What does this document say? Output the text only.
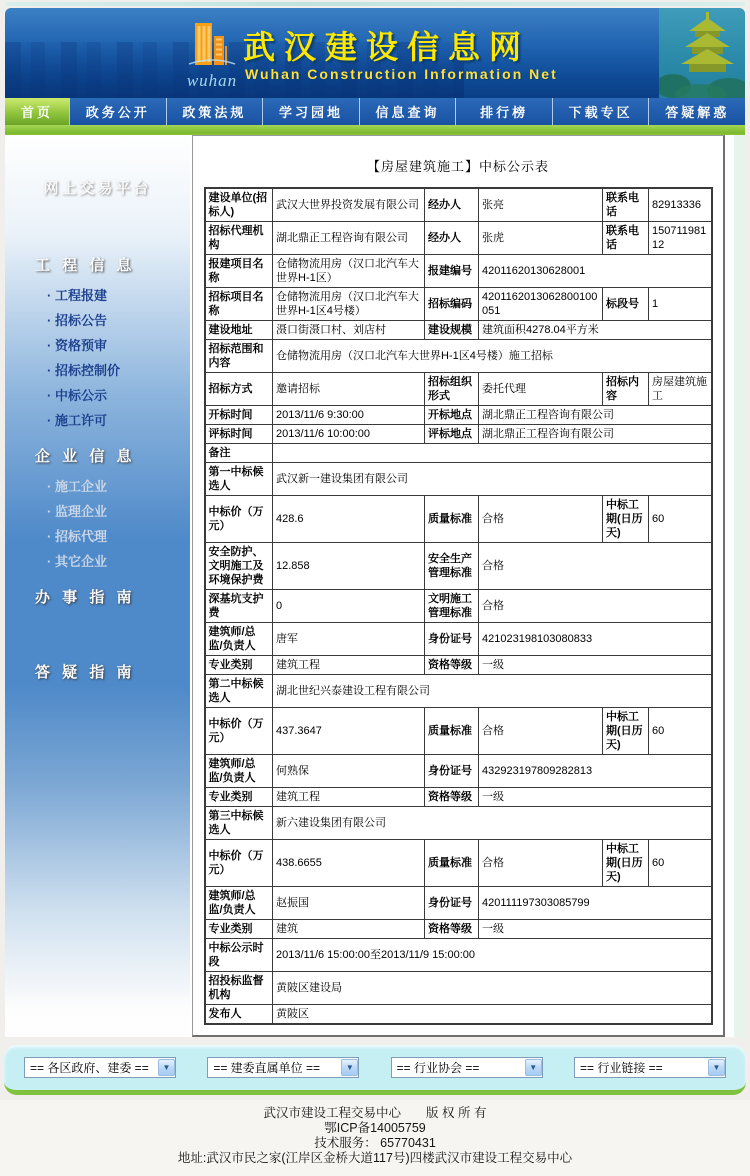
wuhan
武汉建设信息网
Wuhan Construction Information Net
首页	政务公开	政策法规	学习园地	信息查询	排行榜	下载专区	答疑解惑
网上交易平台
工 程 信 息
· 工程报建
· 招标公告
· 资格预审
· 招标控制价
· 中标公示
· 施工许可
企 业 信 息
· 施工企业
· 监理企业
· 招标代理
· 其它企业
办 事 指 南
答 疑 指 南
【房屋建筑施工】中标公示表
建设单位(招标人)	武汉大世界投资发展有限公司	经办人	张亮	联系电话	82913336
招标代理机构	湖北鼎正工程咨询有限公司	经办人	张虎	联系电话	15071198112
报建项目名称	仓储物流用房（汉口北汽车大世界H-1区）	报建编号	42011620130628001		
招标项目名称	仓储物流用房（汉口北汽车大世界H-1区4号楼）	招标编码	4201162013062800100051	标段号	1
建设地址	滠口街滠口村、刘店村	建设规模	建筑面积4278.04平方米		
招标范围和内容	仓储物流用房（汉口北汽车大世界H-1区4号楼）施工招标				
招标方式	邀请招标	招标组织形式	委托代理	招标内容	房屋建筑施工
开标时间	2013/11/6 9:30:00	开标地点	湖北鼎正工程咨询有限公司		
评标时间	2013/11/6 10:00:00	评标地点	湖北鼎正工程咨询有限公司		
备注					
第一中标候选人	武汉新一建设集团有限公司				
中标价（万元）	428.6	质量标准	合格	中标工期(日历天)	60
安全防护、文明施工及环境保护费	12.858	安全生产管理标准	合格		
深基坑支护费	0	文明施工管理标准	合格		
建筑师/总监/负责人	唐军	身份证号	421023198103080833		
专业类别	建筑工程	资格等级	一级		
第二中标候选人	湖北世纪兴泰建设工程有限公司				
中标价（万元）	437.3647	质量标准	合格	中标工期(日历天)	60
建筑师/总监/负责人	何熟保	身份证号	432923197809282813		
专业类别	建筑工程	资格等级	一级		
第三中标候选人	新六建设集团有限公司				
中标价（万元）	438.6655	质量标准	合格	中标工期(日历天)	60
建筑师/总监/负责人	赵振国	身份证号	420111197303085799		
专业类别	建筑	资格等级	一级		
中标公示时段	2013/11/6 15:00:00至2013/11/9 15:00:00				
招投标监督机构	黄陂区建设局				
发布人	黄陂区				
== 各区政府、建委 ==	▼	== 建委直属单位 ==	▼	== 行业协会 ==	▼	== 行业链接 ==	▼
武汉市建设工程交易中心　　版 权 所 有
鄂ICP备14005759
技术服务： 65770431
地址:武汉市民之家(江岸区金桥大道117号)四楼武汉市建设工程交易中心
